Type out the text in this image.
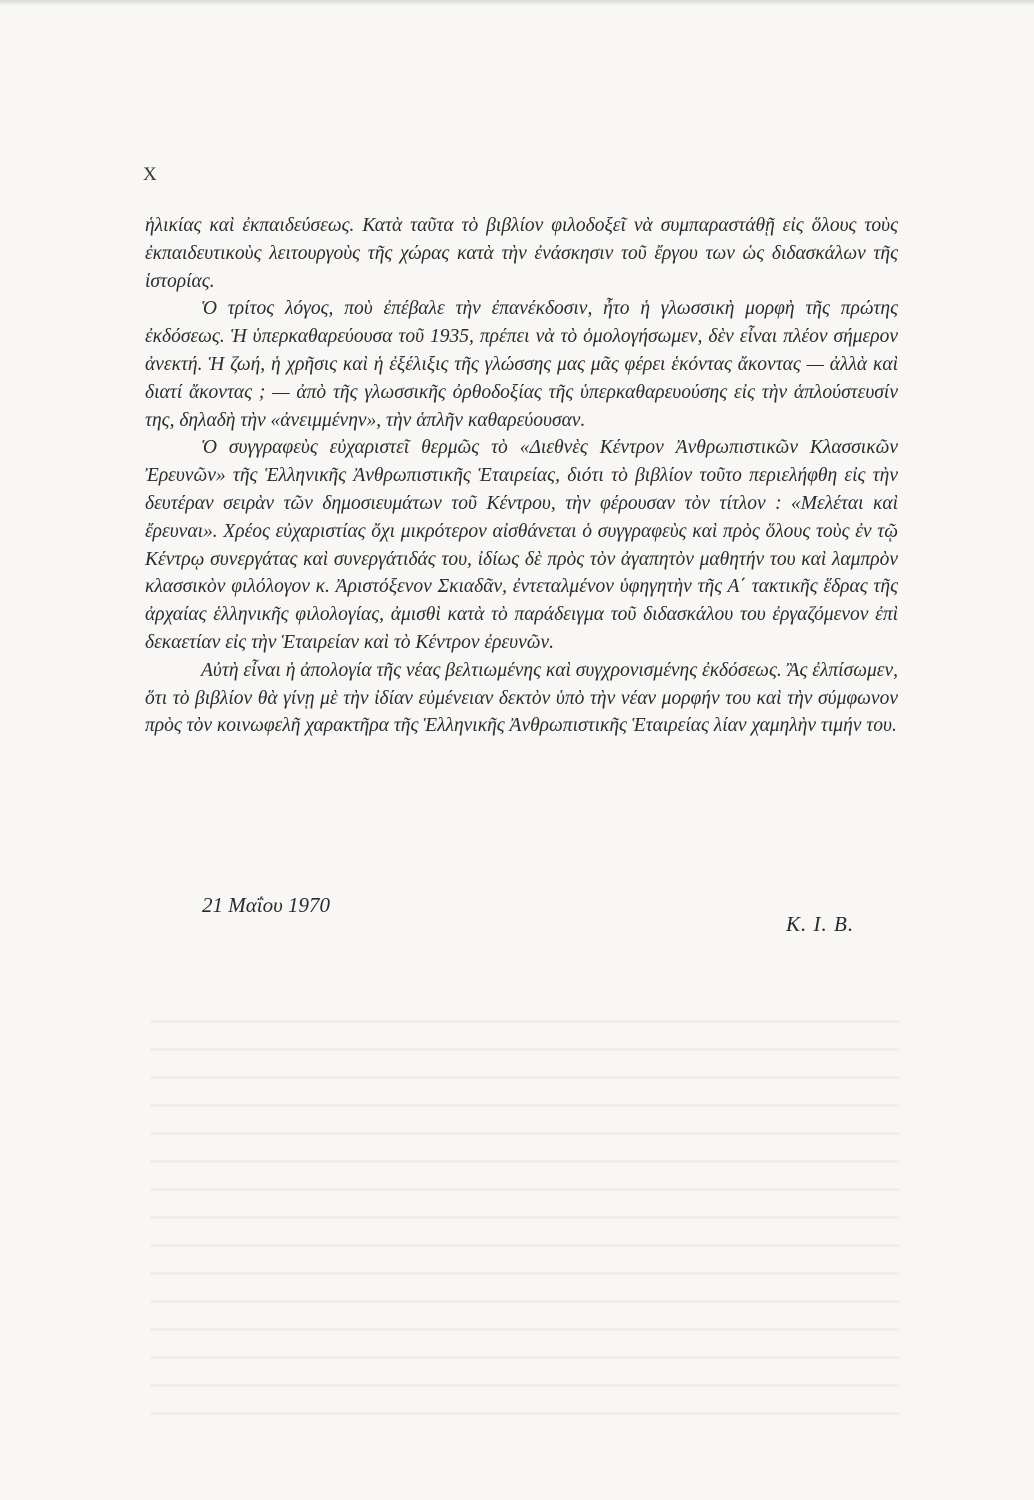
X

ἡλικίας καὶ ἐκπαιδεύσεως. Κατὰ ταῦτα τὸ βιβλίον φιλοδοξεῖ νὰ συμπαραστάθῇ εἰς ὅλους τοὺς ἐκπαιδευτικοὺς λειτουργοὺς τῆς χώρας κατὰ τὴν ἐνάσκησιν τοῦ ἔργου των ὡς διδασκάλων τῆς ἱστορίας.

Ὁ τρίτος λόγος, ποὺ ἐπέβαλε τὴν ἐπανέκδοσιν, ἦτο ἡ γλωσσικὴ μορφὴ τῆς πρώτης ἐκδόσεως. Ἡ ὑπερκαθαρεύουσα τοῦ 1935, πρέπει νὰ τὸ ὁμολογήσωμεν, δὲν εἶναι πλέον σήμερον ἀνεκτή. Ἡ ζωή, ἡ χρῆσις καὶ ἡ ἐξέλιξις τῆς γλώσσης μας μᾶς φέρει ἑκόντας ἄκοντας — ἀλλὰ καὶ διατί ἄκοντας ; — ἀπὸ τῆς γλωσσικῆς ὀρθοδοξίας τῆς ὑπερκαθαρευούσης εἰς τὴν ἁπλούστευσίν της, δηλαδὴ τὴν «ἀνειμμένην», τὴν ἁπλῆν καθαρεύουσαν.

Ὁ συγγραφεὺς εὐχαριστεῖ θερμῶς τὸ «Διεθνὲς Κέντρον Ἀνθρωπιστικῶν Κλασσικῶν Ἐρευνῶν» τῆς Ἑλληνικῆς Ἀνθρωπιστικῆς Ἑταιρείας, διότι τὸ βιβλίον τοῦτο περιελήφθη εἰς τὴν δευτέραν σειρὰν τῶν δημοσιευμάτων τοῦ Κέντρου, τὴν φέρουσαν τὸν τίτλον : «Μελέται καὶ ἔρευναι». Χρέος εὐχαριστίας ὄχι μικρότερον αἰσθάνεται ὁ συγγραφεὺς καὶ πρὸς ὅλους τοὺς ἐν τῷ Κέντρῳ συνεργάτας καὶ συνεργάτιδάς του, ἰδίως δὲ πρὸς τὸν ἀγαπητὸν μαθητήν του καὶ λαμπρὸν κλασσικὸν φιλόλογον κ. Ἀριστόξενον Σκιαδᾶν, ἐντεταλμένον ὑφηγητὴν τῆς Α΄ τακτικῆς ἕδρας τῆς ἀρχαίας ἑλληνικῆς φιλολογίας, ἀμισθὶ κατὰ τὸ παράδειγμα τοῦ διδασκάλου του ἐργαζόμενον ἐπὶ δεκαετίαν εἰς τὴν Ἑταιρείαν καὶ τὸ Κέντρον ἐρευνῶν.

Αὐτὴ εἶναι ἡ ἀπολογία τῆς νέας βελτιωμένης καὶ συγχρονισμένης ἐκδόσεως. Ἂς ἐλπίσωμεν, ὅτι τὸ βιβλίον θὰ γίνῃ μὲ τὴν ἰδίαν εὐμένειαν δεκτὸν ὑπὸ τὴν νέαν μορφήν του καὶ τὴν σύμφωνον πρὸς τὸν κοινωφελῆ χαρακτῆρα τῆς Ἑλληνικῆς Ἀνθρωπιστικῆς Ἑταιρείας λίαν χαμηλὴν τιμήν του.

21 Μαΐου 1970
Κ. Ι. Β.
